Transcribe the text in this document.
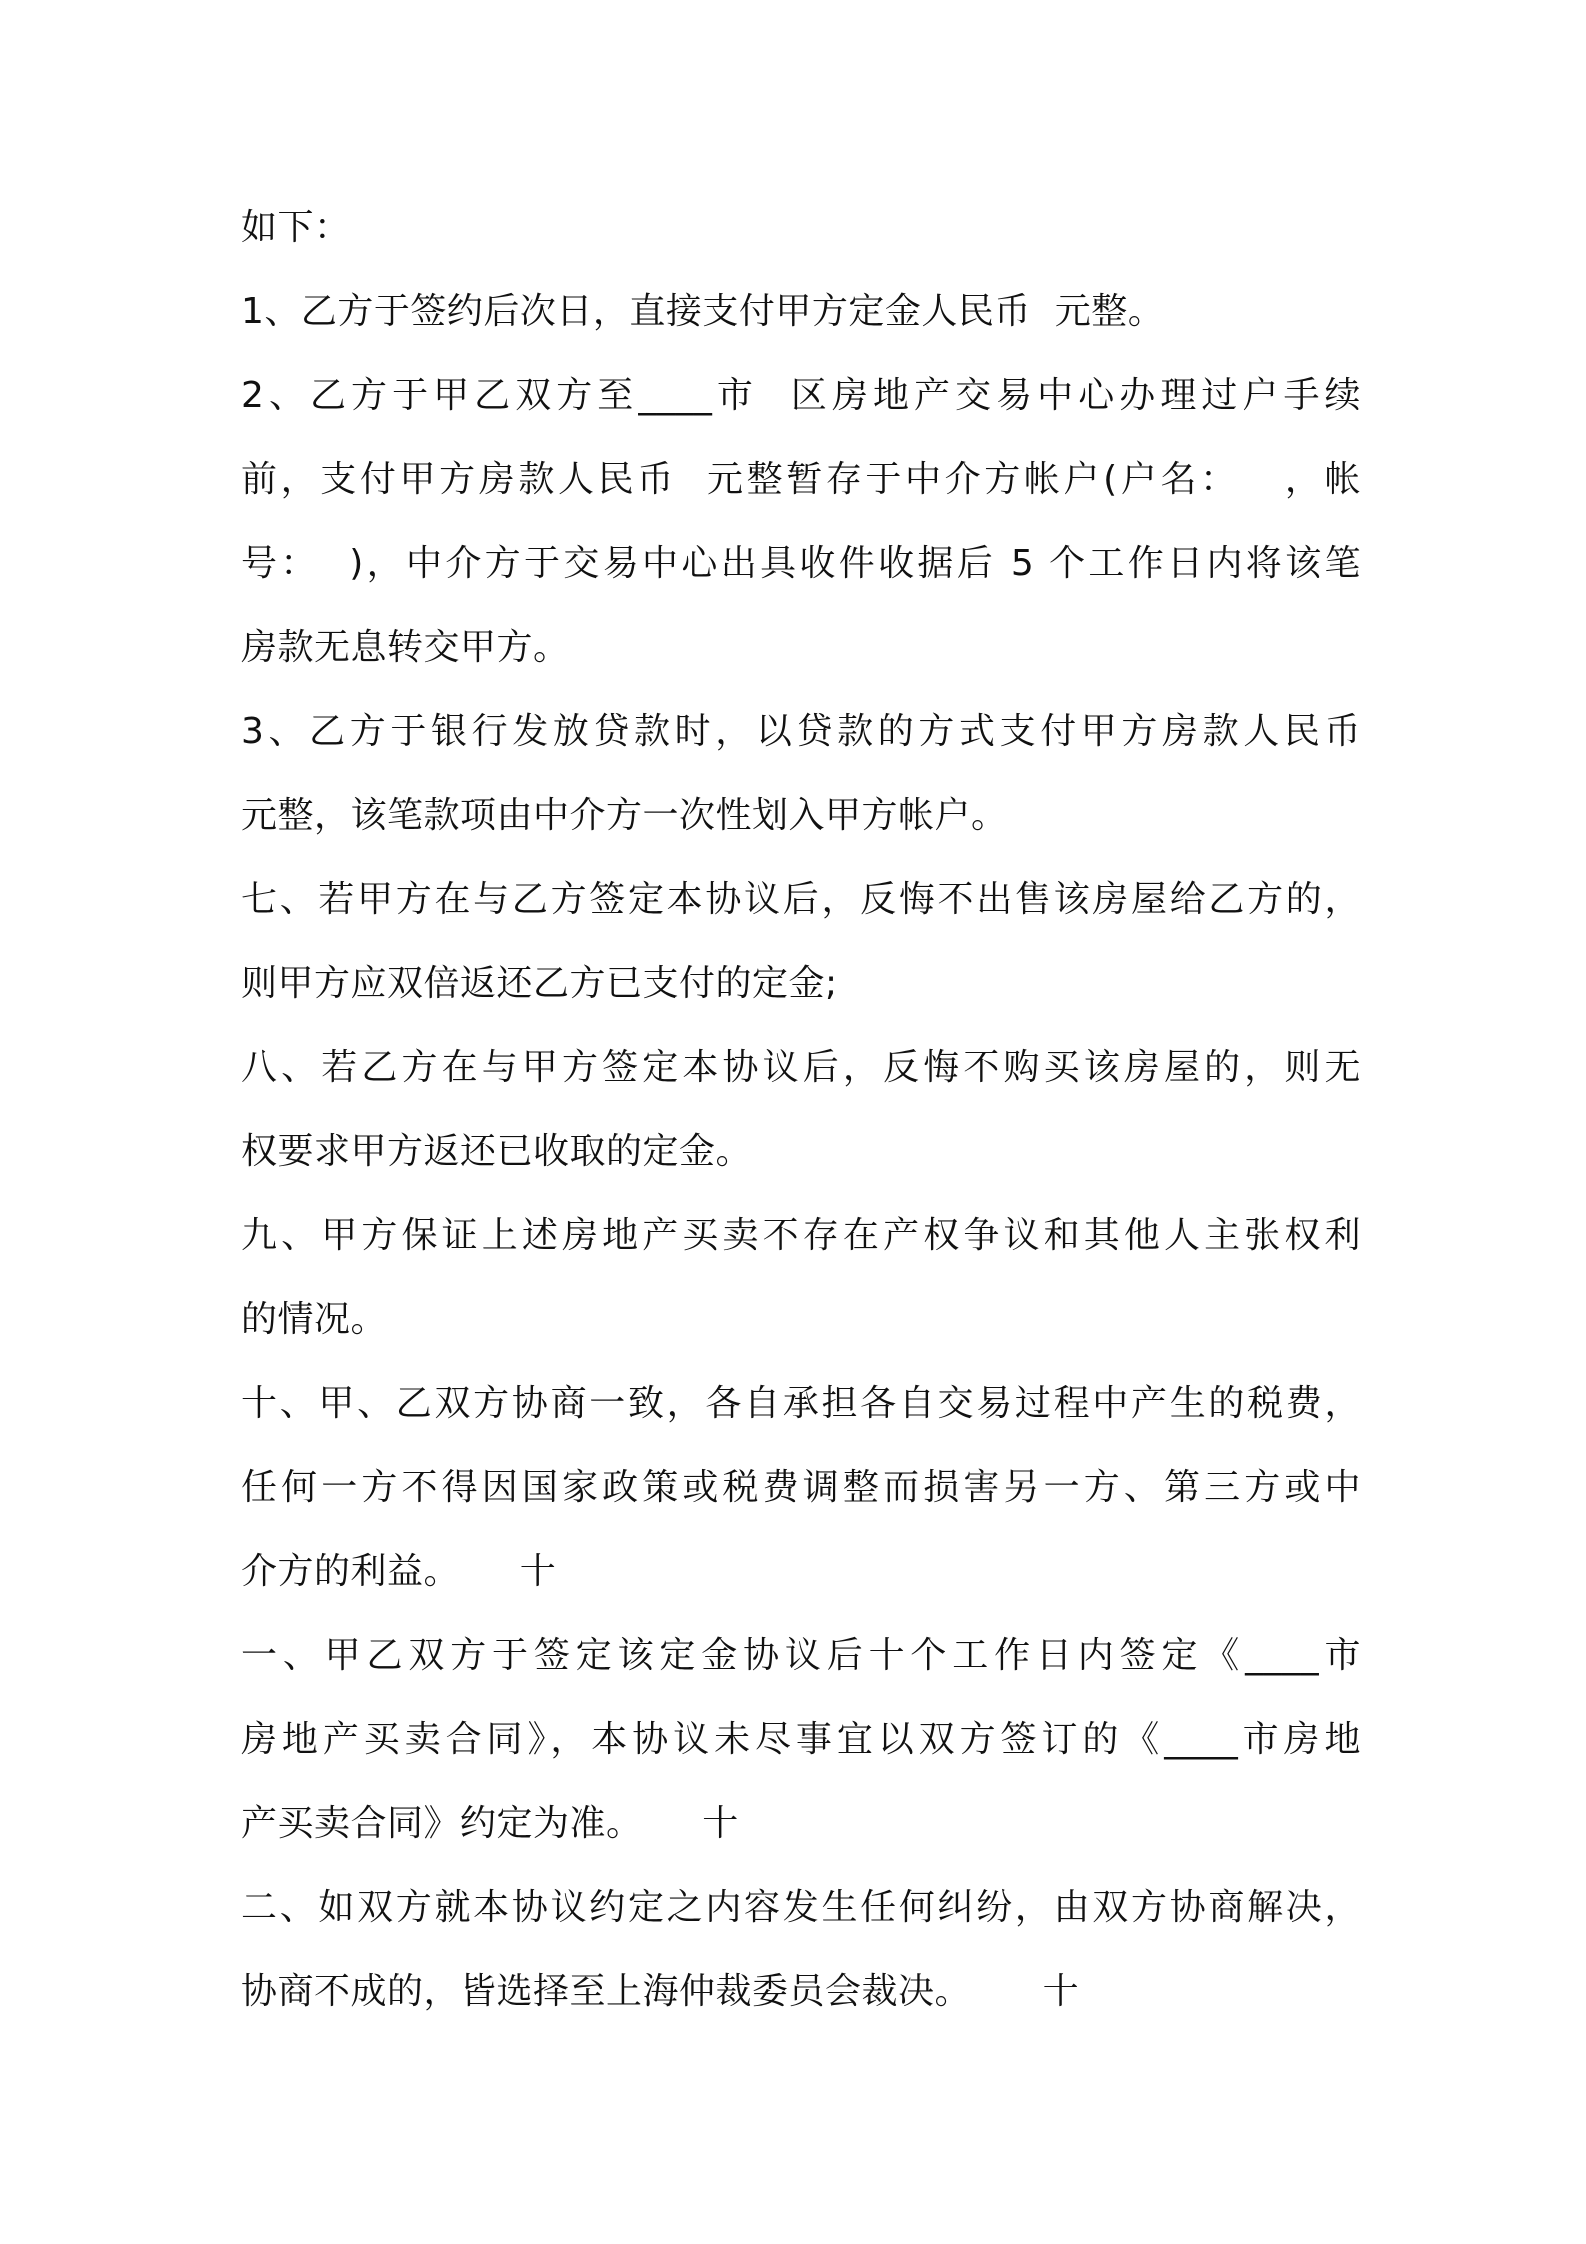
如下：
1、乙方于签约后次日，直接支付甲方定金人民币  元整。
2、乙方于甲乙双方至____市  区房地产交易中心办理过户手续
前，支付甲方房款人民币  元整暂存于中介方帐户(户名：   ，帐
号：  )，中介方于交易中心出具收件收据后 5 个工作日内将该笔
房款无息转交甲方。
3、乙方于银行发放贷款时，以贷款的方式支付甲方房款人民币
元整，该笔款项由中介方一次性划入甲方帐户。
七、若甲方在与乙方签定本协议后，反悔不出售该房屋给乙方的，
则甲方应双倍返还乙方已支付的定金;
八、若乙方在与甲方签定本协议后，反悔不购买该房屋的，则无
权要求甲方返还已收取的定金。
九、甲方保证上述房地产买卖不存在产权争议和其他人主张权利
的情况。
十、甲、乙双方协商一致，各自承担各自交易过程中产生的税费，
任何一方不得因国家政策或税费调整而损害另一方、第三方或中
介方的利益。     十
一、甲乙双方于签定该定金协议后十个工作日内签定《____市
房地产买卖合同》，本协议未尽事宜以双方签订的《____市房地
产买卖合同》约定为准。     十
二、如双方就本协议约定之内容发生任何纠纷，由双方协商解决，
协商不成的，皆选择至上海仲裁委员会裁决。      十
